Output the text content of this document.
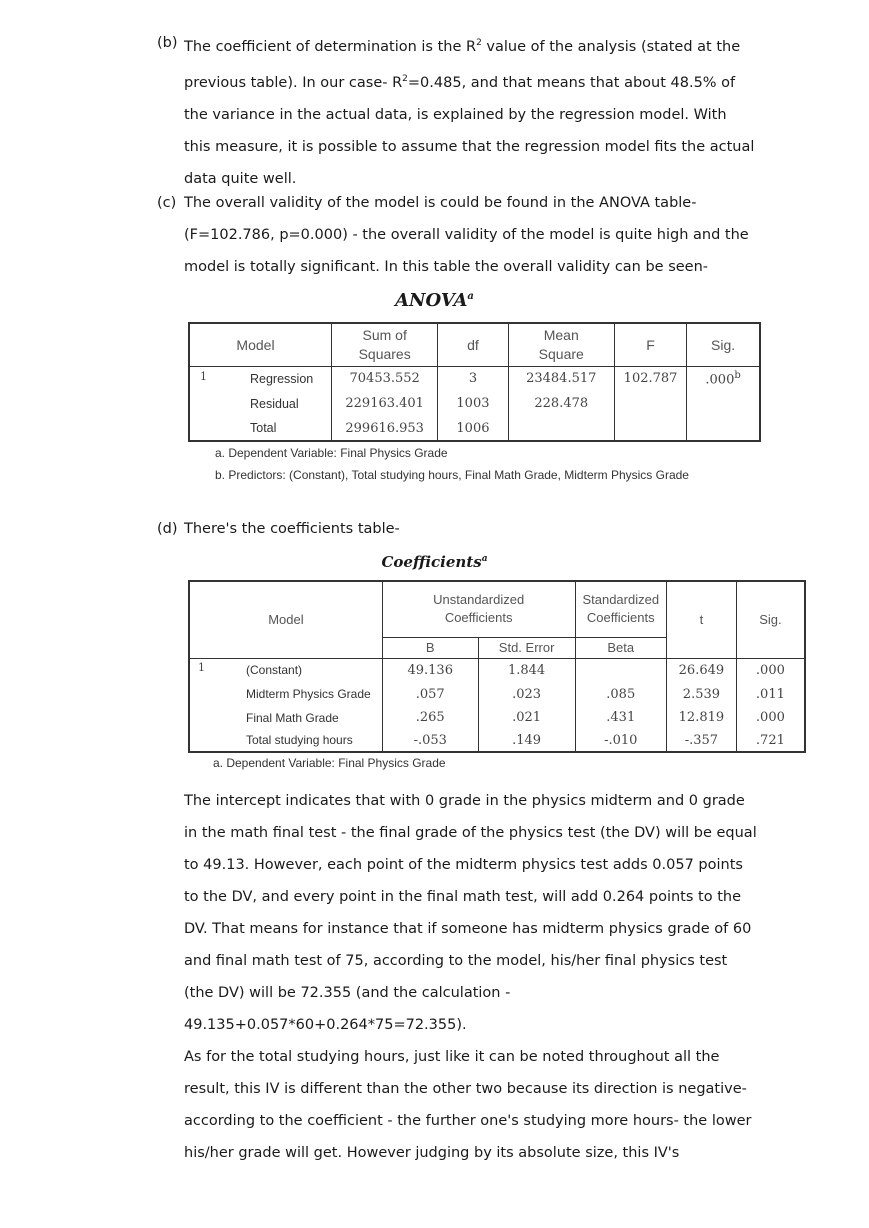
(b) The coefficient of determination is the $R^2$ value of the analysis (stated at the previous table). In our case- $R^2=0.485$, and that means that about 48.5% of the variance in the actual data, is explained by the regression model. With this measure, it is possible to assume that the regression model fits the actual data quite well.
(c) The overall validity of the model is could be found in the ANOVA table- (F=102.786, p=0.000) - the overall validity of the model is quite high and the model is totally significant. In this table the overall validity can be seen-
ANOVA$^a$
Model	Sum of Squares	df	Mean Square	F	Sig.

1 Regression	70453.552	3	23484.517	102.787	.000$^b$
Residual	229163.401	1003	228.478		
Total	299616.953	1006			
a. Dependent Variable: Final Physics Grade
b. Predictors: (Constant), Total studying hours, Final Math Grade, Midterm Physics Grade
(d) There's the coefficients table-
Coefficients$^a$
Model	Unstandardized Coefficients		Standardized Coefficients	t	Sig.
	B	Std. Error	Beta		

1 (Constant)	49.136	1.844		26.649	.000
Midterm Physics Grade	.057	.023	.085	2.539	.011
Final Math Grade	.265	.021	.431	12.819	.000
Total studying hours	-.053	.149	-.010	-.357	.721
a. Dependent Variable: Final Physics Grade
The intercept indicates that with 0 grade in the physics midterm and 0 grade in the math final test - the final grade of the physics test (the DV) will be equal to 49.13. However, each point of the midterm physics test adds 0.057 points to the DV, and every point in the final math test, will add 0.264 points to the DV. That means for instance that if someone has midterm physics grade of 60 and final math test of 75, according to the model, his/her final physics test (the DV) will be 72.355 (and the calculation - 49.135+0.057*60+0.264*75=72.355).
As for the total studying hours, just like it can be noted throughout all the result, this IV is different than the other two because its direction is negative- according to the coefficient - the further one's studying more hours- the lower his/her grade will get. However judging by its absolute size, this IV's
